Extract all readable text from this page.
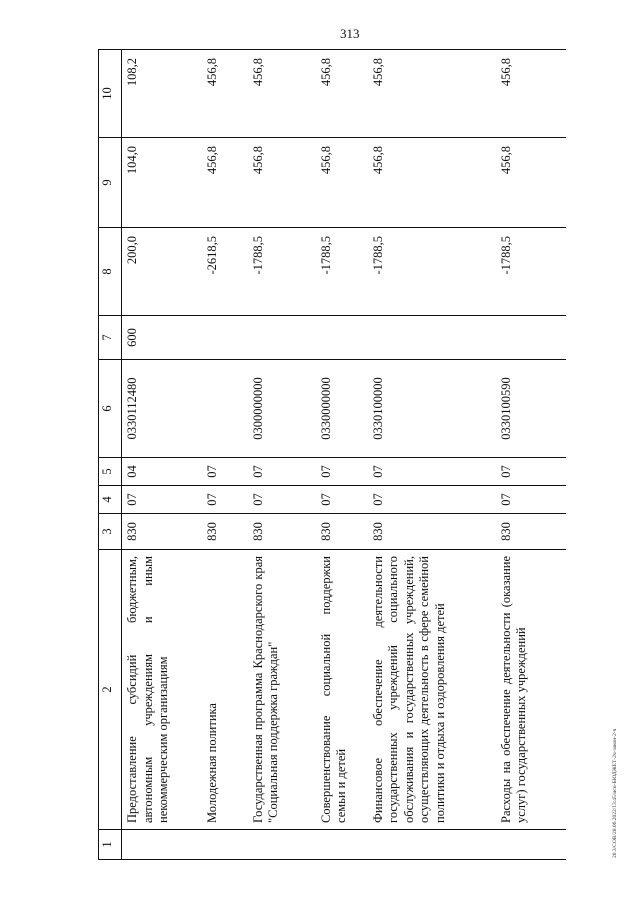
313
20.3/CОВ/28.06.2022/13:45/исп-БЮДЖЕТ-2ч-закон-2-ч
1	2	3	4	5	6	7	8	9	10
	Предоставление субсидий бюджетным, автономным учреждениям и иным некоммерческим организациям	830	07	04	0330112480	600	200,0	104,0	108,2
	Молодежная политика	830	07	07			-2618,5	456,8	456,8
	Государственная программа Краснодарского края "Социальная поддержка граждан"	830	07	07	0300000000		-1788,5	456,8	456,8
	Совершенствование социальной поддержки семьи и детей	830	07	07	0330000000		-1788,5	456,8	456,8
	Финансовое обеспечение деятельности государственных учреждений социального обслуживания и государственных учреждений, осуществляющих деятельность в сфере семейной политики и отдыха и оздоровления детей	830	07	07	0330100000		-1788,5	456,8	456,8
	Расходы на обеспечение деятельности (оказание услуг) государственных учреждений	830	07	07	0330100590		-1788,5	456,8	456,8
